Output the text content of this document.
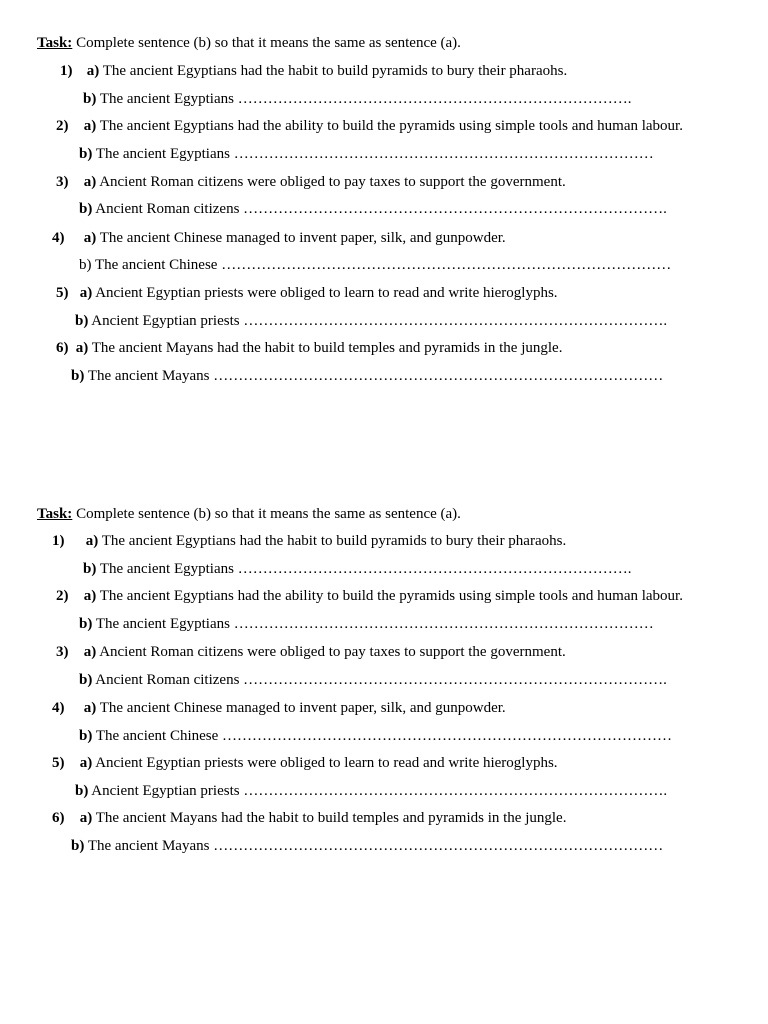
Task: Complete sentence (b) so that it means the same as sentence (a).
1) a) The ancient Egyptians had the habit to build pyramids to bury their pharaohs.
b) The ancient Egyptians …………………………………………………………………….
2) a) The ancient Egyptians had the ability to build the pyramids using simple tools and human labour.
b) The ancient Egyptians …………………………………………………………………………
3) a) Ancient Roman citizens were obliged to pay taxes to support the government.
b) Ancient Roman citizens ………………………………………………………………………….
4) a) The ancient Chinese managed to invent paper, silk, and gunpowder.
b) The ancient Chinese ………………………………………………………………………………
5) a) Ancient Egyptian priests were obliged to learn to read and write hieroglyphs.
b) Ancient Egyptian priests ………………………………………………………………………….
6) a) The ancient Mayans had the habit to build temples and pyramids in the jungle.
b) The ancient Mayans ………………………………………………………………………………
Task: Complete sentence (b) so that it means the same as sentence (a).
1) a) The ancient Egyptians had the habit to build pyramids to bury their pharaohs.
b) The ancient Egyptians …………………………………………………………………….
2) a) The ancient Egyptians had the ability to build the pyramids using simple tools and human labour.
b) The ancient Egyptians …………………………………………………………………………
3) a) Ancient Roman citizens were obliged to pay taxes to support the government.
b) Ancient Roman citizens ………………………………………………………………………….
4) a) The ancient Chinese managed to invent paper, silk, and gunpowder.
b) The ancient Chinese ………………………………………………………………………………
5) a) Ancient Egyptian priests were obliged to learn to read and write hieroglyphs.
b) Ancient Egyptian priests ………………………………………………………………………….
6) a) The ancient Mayans had the habit to build temples and pyramids in the jungle.
b) The ancient Mayans ………………………………………………………………………………
